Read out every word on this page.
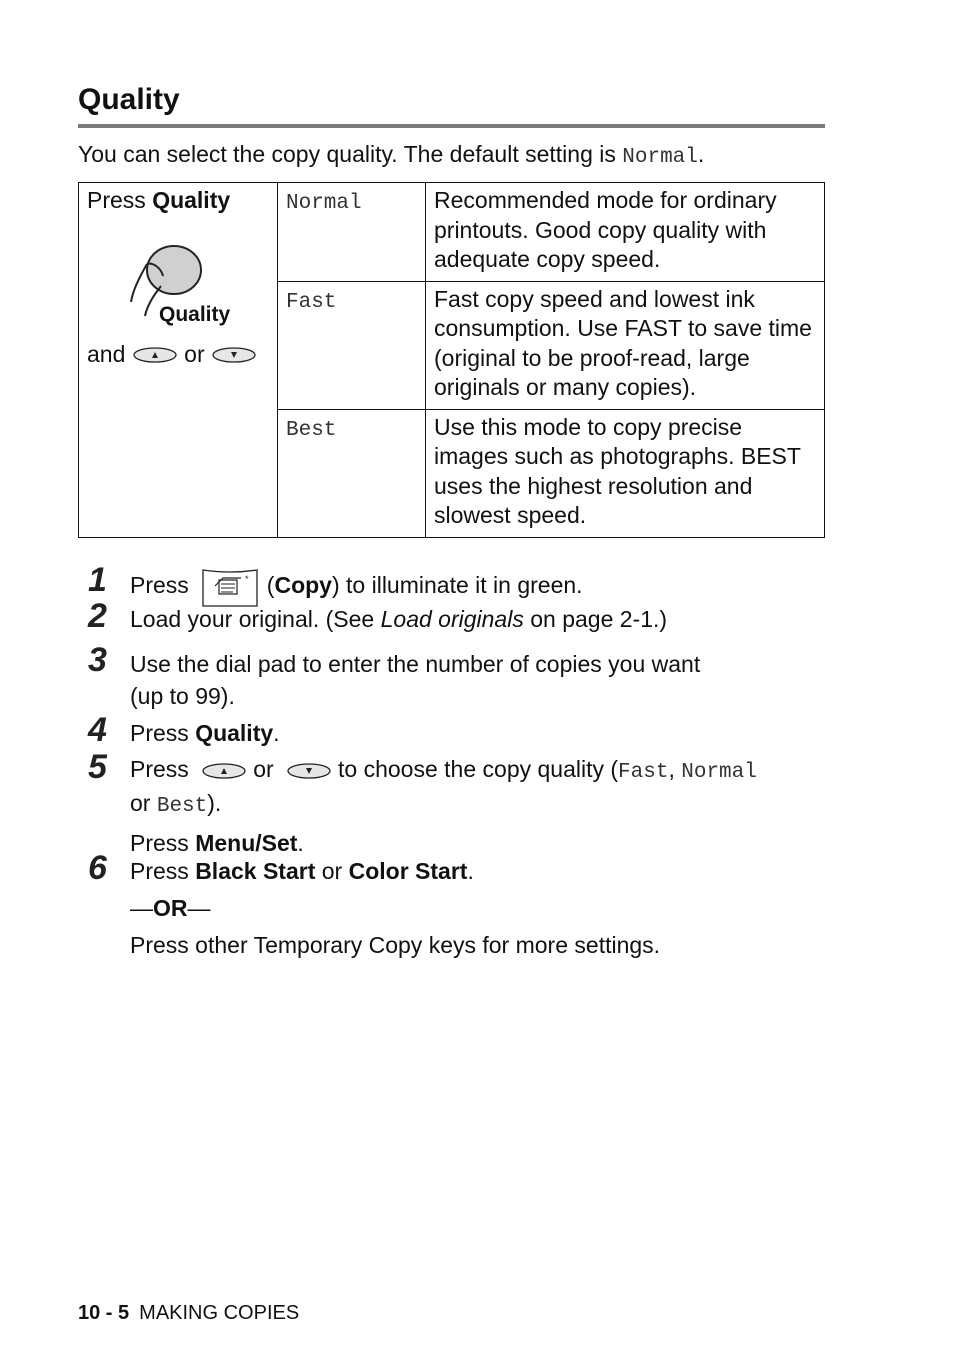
Quality
You can select the copy quality. The default setting is Normal.
Press Quality
Quality
and or	Normal	Recommended mode for ordinary printouts. Good copy quality with adequate copy speed.
	Fast	Fast copy speed and lowest ink consumption. Use FAST to save time (original to be proof-read, large originals or many copies).
	Best	Use this mode to copy precise images such as photographs. BEST uses the highest resolution and slowest speed.
1 Press	* (Copy) to illuminate it in green.
2 Load your original. (See Load originals on page 2-1.)
3 Use the dial pad to enter the number of copies you want
(up to 99).
4 Press Quality.
5 Press	or	to choose the copy quality (Fast, Normal
or Best).
Press Menu/Set.
6 Press Black Start or Color Start.
—OR—
Press other Temporary Copy keys for more settings.
10 - 5 MAKING COPIES
